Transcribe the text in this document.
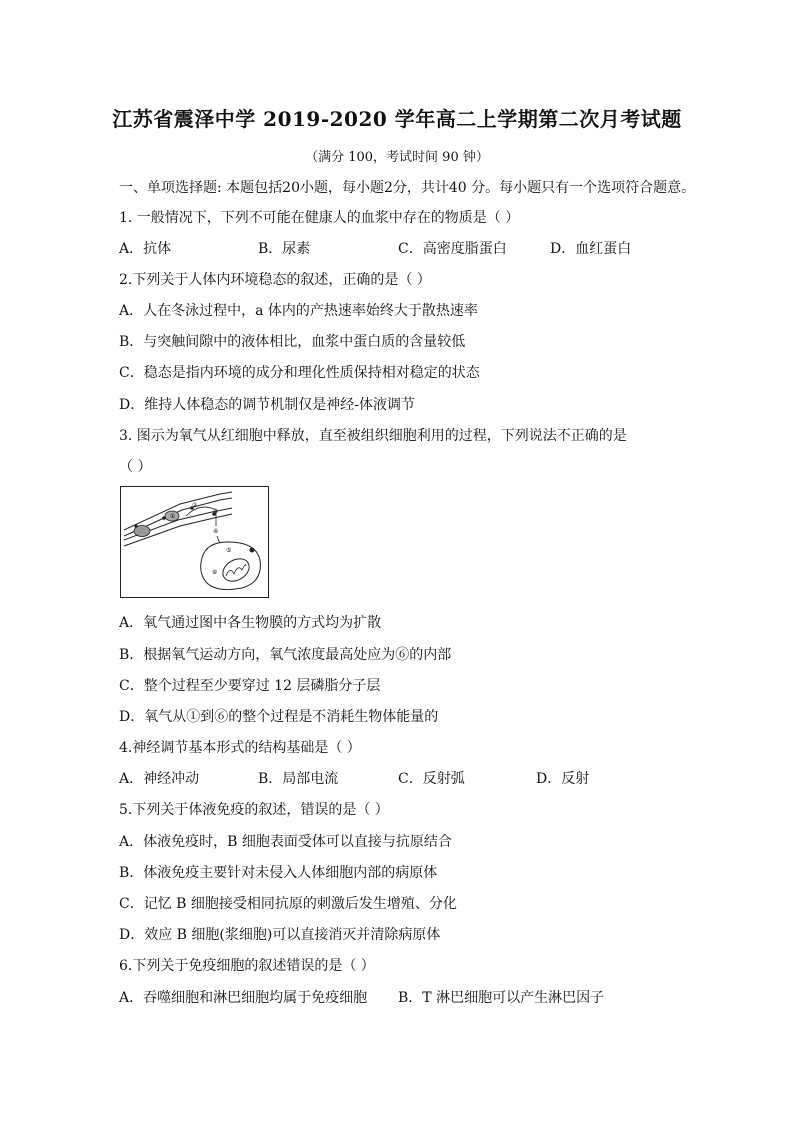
江苏省震泽中学 2019-2020 学年高二上学期第二次月考试题
（满分 100，考试时间 90 钟）
一、单项选择题: 本题包括20小题，每小题2分，共计40 分。每小题只有一个选项符合题意。
1. 一般情况下，下列不可能在健康人的血浆中存在的物质是（ ）
A．抗体	B．尿素	C．高密度脂蛋白	D．血红蛋白
2.下列关于人体内环境稳态的叙述，正确的是（ ）
A．人在冬泳过程中，a 体内的产热速率始终大于散热速率
B．与突触间隙中的液体相比，血浆中蛋白质的含量较低
C．稳态是指内环境的成分和理化性质保持相对稳定的状态
D．维持人体稳态的调节机制仅是神经-体液调节
3. 图示为氧气从红细胞中释放，直至被组织细胞利用的过程，下列说法不正确的是
（ ）
①
②
③
④
⑤
⑥
A．氧气通过图中各生物膜的方式均为扩散
B．根据氧气运动方向，氧气浓度最高处应为⑥的内部
C．整个过程至少要穿过 12 层磷脂分子层
D．氧气从①到⑥的整个过程是不消耗生物体能量的
4.神经调节基本形式的结构基础是（ ）
A．神经冲动	B．局部电流	C．反射弧	D．反射
5.下列关于体液免疫的叙述，错误的是（ ）
A．体液免疫时，B 细胞表面受体可以直接与抗原结合
B．体液免疫主要针对未侵入人体细胞内部的病原体
C．记忆 B 细胞接受相同抗原的刺激后发生增殖、分化
D．效应 B 细胞(浆细胞)可以直接消灭并清除病原体
6.下列关于免疫细胞的叙述错误的是（ ）
A．吞噬细胞和淋巴细胞均属于免疫细胞 B．T 淋巴细胞可以产生淋巴因子
